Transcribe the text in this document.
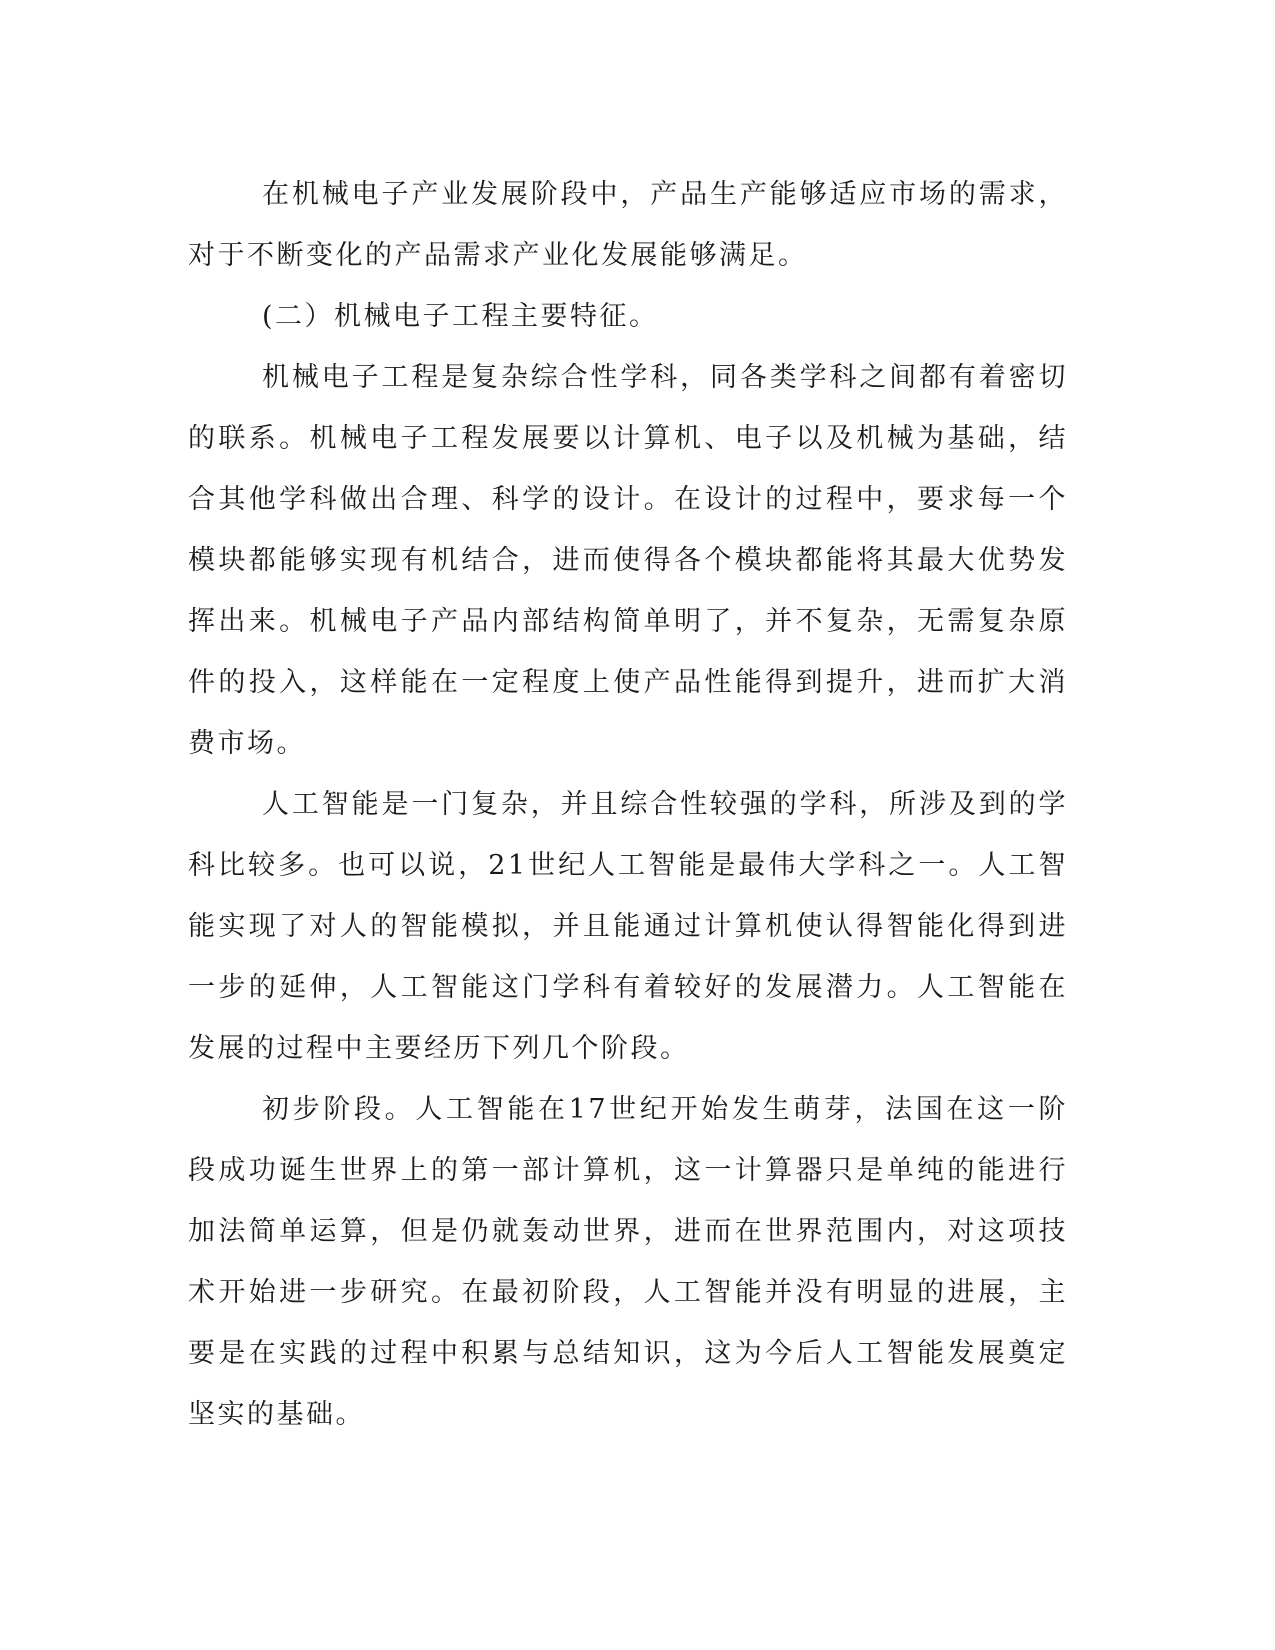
在机械电子产业发展阶段中，产品生产能够适应市场的需求，对于不断变化的产品需求产业化发展能够满足。

(二）机械电子工程主要特征。

机械电子工程是复杂综合性学科，同各类学科之间都有着密切的联系。机械电子工程发展要以计算机、电子以及机械为基础，结合其他学科做出合理、科学的设计。在设计的过程中，要求每一个模块都能够实现有机结合，进而使得各个模块都能将其最大优势发挥出来。机械电子产品内部结构简单明了，并不复杂，无需复杂原件的投入，这样能在一定程度上使产品性能得到提升，进而扩大消费市场。

人工智能是一门复杂，并且综合性较强的学科，所涉及到的学科比较多。也可以说，21世纪人工智能是最伟大学科之一。人工智能实现了对人的智能模拟，并且能通过计算机使认得智能化得到进一步的延伸，人工智能这门学科有着较好的发展潜力。人工智能在发展的过程中主要经历下列几个阶段。

初步阶段。人工智能在17世纪开始发生萌芽，法国在这一阶段成功诞生世界上的第一部计算机，这一计算器只是单纯的能进行加法简单运算，但是仍就轰动世界，进而在世界范围内，对这项技术开始进一步研究。在最初阶段，人工智能并没有明显的进展，主要是在实践的过程中积累与总结知识，这为今后人工智能发展奠定坚实的基础。
